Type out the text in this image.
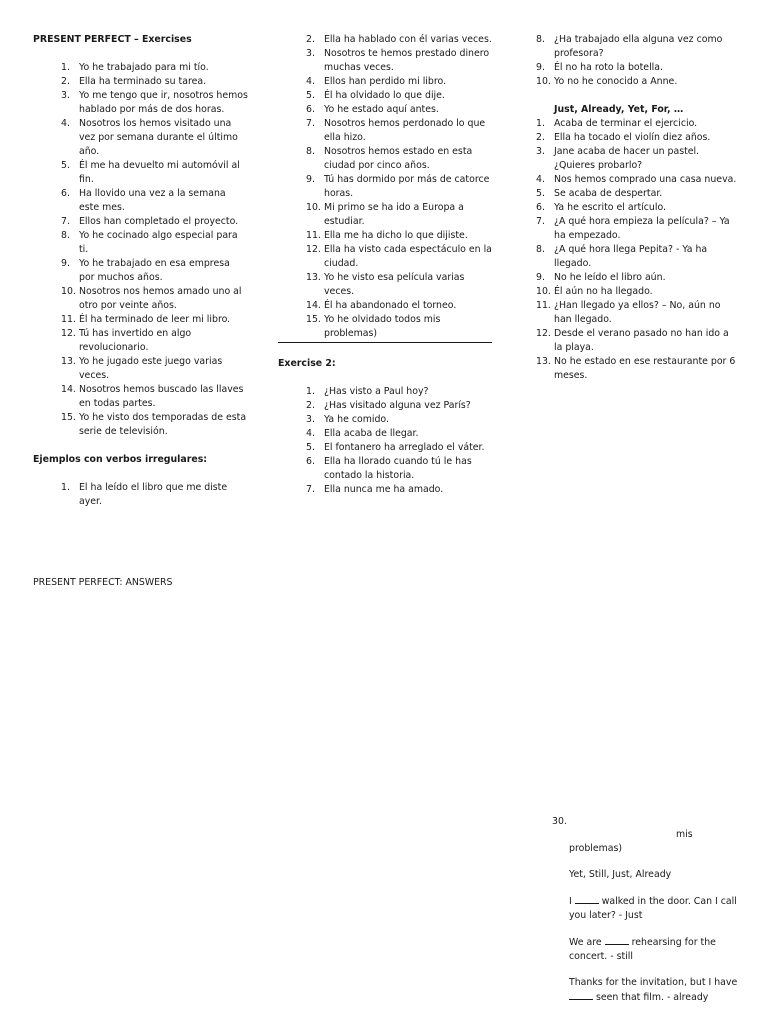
PRESENT PERFECT – Exercises
1. Yo he trabajado para mi tío.
2. Ella ha terminado su tarea.
3. Yo me tengo que ir, nosotros hemos hablado por más de dos horas.
4. Nosotros los hemos visitado una vez por semana durante el último año.
5. Él me ha devuelto mi automóvil al fin.
6. Ha llovido una vez a la semana este mes.
7. Ellos han completado el proyecto.
8. Yo he cocinado algo especial para ti.
9. Yo he trabajado en esa empresa por muchos años.
10. Nosotros nos hemos amado uno al otro por veinte años.
11. Él ha terminado de leer mi libro.
12. Tú has invertido en algo revolucionario.
13. Yo he jugado este juego varias veces.
14. Nosotros hemos buscado las llaves en todas partes.
15. Yo he visto dos temporadas de esta serie de televisión.
Ejemplos con verbos irregulares:
1. El ha leído el libro que me diste ayer.
2. Ella ha hablado con él varias veces.
3. Nosotros te hemos prestado dinero muchas veces.
4. Ellos han perdido mi libro.
5. Él ha olvidado lo que dije.
6. Yo he estado aquí antes.
7. Nosotros hemos perdonado lo que ella hizo.
8. Nosotros hemos estado en esta ciudad por cinco años.
9. Tú has dormido por más de catorce horas.
10. Mi primo se ha ido a Europa a estudiar.
11. Ella me ha dicho lo que dijiste.
12. Ella ha visto cada espectáculo en la ciudad.
13. Yo he visto esa película varias veces.
14. Él ha abandonado el torneo.
15. Yo he olvidado todos mis problemas)
Exercise 2:
1. ¿Has visto a Paul hoy?
2. ¿Has visitado alguna vez París?
3. Ya he comido.
4. Ella acaba de llegar.
5. El fontanero ha arreglado el váter.
6. Ella ha llorado cuando tú le has contado la historia.
7. Ella nunca me ha amado.
8. ¿Ha trabajado ella alguna vez como profesora?
9. Él no ha roto la botella.
10. Yo no he conocido a Anne.
Just, Already, Yet, For, …
1. Acaba de terminar el ejercicio.
2. Ella ha tocado el violín diez años.
3. Jane acaba de hacer un pastel. ¿Quieres probarlo?
4. Nos hemos comprado una casa nueva.
5. Se acaba de despertar.
6. Ya he escrito el artículo.
7. ¿A qué hora empieza la película? – Ya ha empezado.
8. ¿A qué hora llega Pepita? - Ya ha llegado.
9. No he leído el libro aún.
10. Él aún no ha llegado.
11. ¿Han llegado ya ellos? – No, aún no han llegado.
12. Desde el verano pasado no han ido a la playa.
13. No he estado en ese restaurante por 6 meses.
PRESENT PERFECT: ANSWERS
30.
mis

problemas)

Yet, Still, Just, Already

I	walked in the door. Can I call you later? - Just

We are	rehearsing for the concert. - still

Thanks for the invitation, but I have  seen that film. - already
